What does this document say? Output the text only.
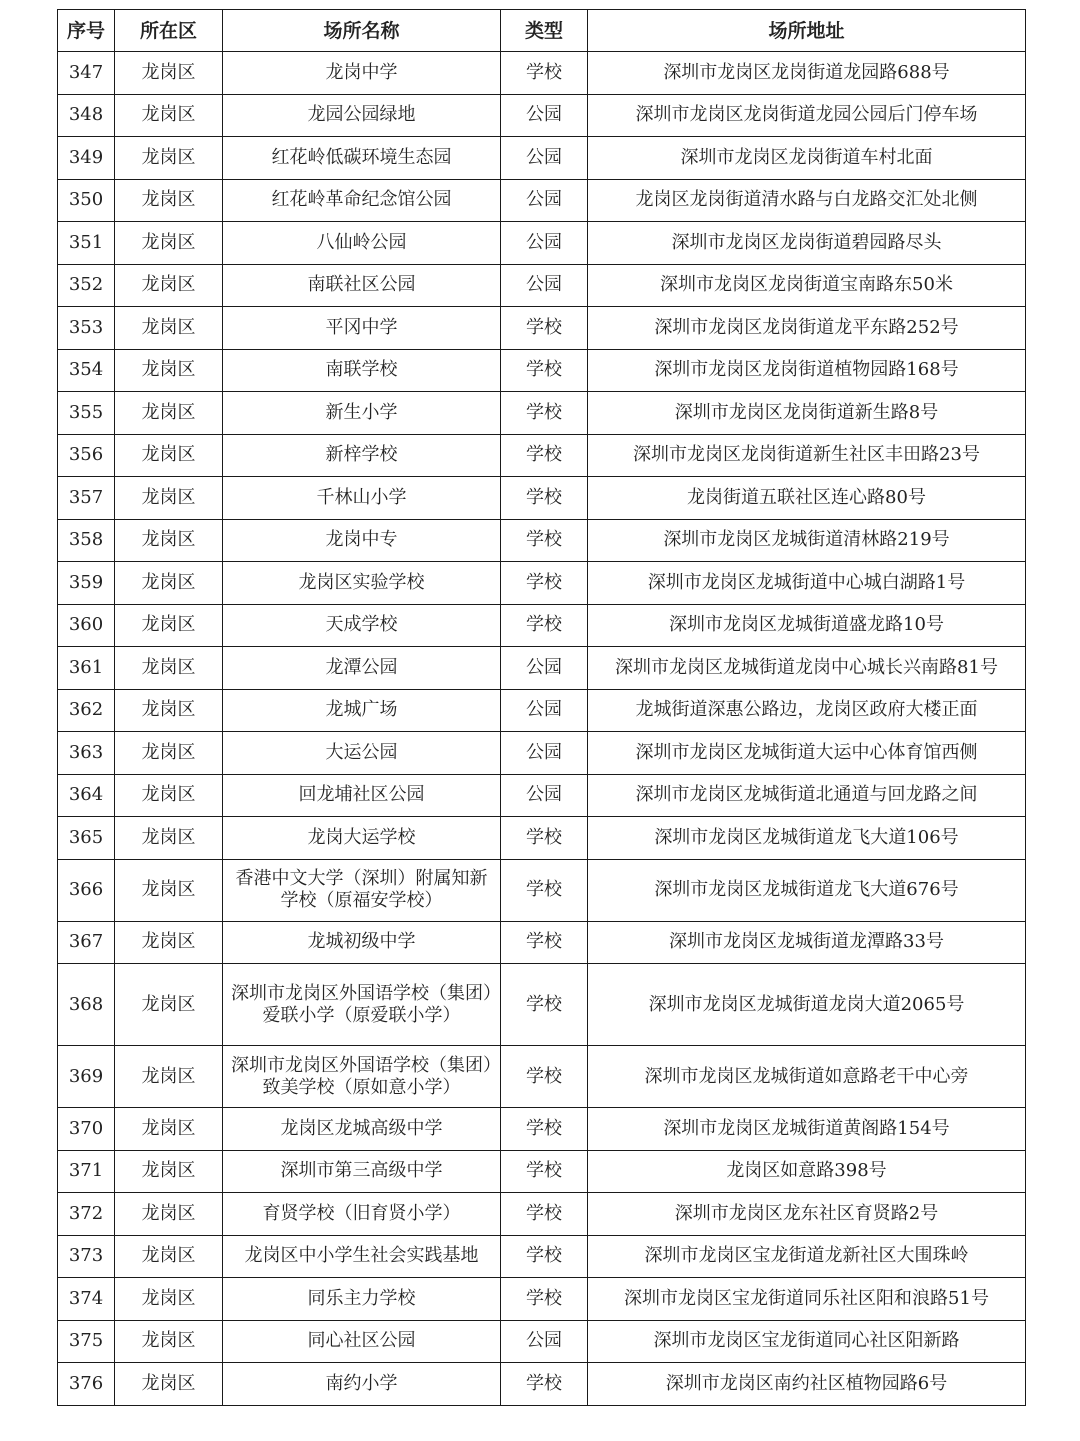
序号	所在区	场所名称	类型	场所地址
347	龙岗区	龙岗中学	学校	深圳市龙岗区龙岗街道龙园路688号
348	龙岗区	龙园公园绿地	公园	深圳市龙岗区龙岗街道龙园公园后门停车场
349	龙岗区	红花岭低碳环境生态园	公园	深圳市龙岗区龙岗街道车村北面
350	龙岗区	红花岭革命纪念馆公园	公园	龙岗区龙岗街道清水路与白龙路交汇处北侧
351	龙岗区	八仙岭公园	公园	深圳市龙岗区龙岗街道碧园路尽头
352	龙岗区	南联社区公园	公园	深圳市龙岗区龙岗街道宝南路东50米
353	龙岗区	平冈中学	学校	深圳市龙岗区龙岗街道龙平东路252号
354	龙岗区	南联学校	学校	深圳市龙岗区龙岗街道植物园路168号
355	龙岗区	新生小学	学校	深圳市龙岗区龙岗街道新生路8号
356	龙岗区	新梓学校	学校	深圳市龙岗区龙岗街道新生社区丰田路23号
357	龙岗区	千林山小学	学校	龙岗街道五联社区连心路80号
358	龙岗区	龙岗中专	学校	深圳市龙岗区龙城街道清林路219号
359	龙岗区	龙岗区实验学校	学校	深圳市龙岗区龙城街道中心城白湖路1号
360	龙岗区	天成学校	学校	深圳市龙岗区龙城街道盛龙路10号
361	龙岗区	龙潭公园	公园	深圳市龙岗区龙城街道龙岗中心城长兴南路81号
362	龙岗区	龙城广场	公园	龙城街道深惠公路边，龙岗区政府大楼正面
363	龙岗区	大运公园	公园	深圳市龙岗区龙城街道大运中心体育馆西侧
364	龙岗区	回龙埔社区公园	公园	深圳市龙岗区龙城街道北通道与回龙路之间
365	龙岗区	龙岗大运学校	学校	深圳市龙岗区龙城街道龙飞大道106号
366	龙岗区	香港中文大学（深圳）附属知新学校（原福安学校）	学校	深圳市龙岗区龙城街道龙飞大道676号
367	龙岗区	龙城初级中学	学校	深圳市龙岗区龙城街道龙潭路33号
368	龙岗区	深圳市龙岗区外国语学校（集团）爱联小学（原爱联小学）	学校	深圳市龙岗区龙城街道龙岗大道2065号
369	龙岗区	深圳市龙岗区外国语学校（集团）致美学校（原如意小学）	学校	深圳市龙岗区龙城街道如意路老干中心旁
370	龙岗区	龙岗区龙城高级中学	学校	深圳市龙岗区龙城街道黄阁路154号
371	龙岗区	深圳市第三高级中学	学校	龙岗区如意路398号
372	龙岗区	育贤学校（旧育贤小学）	学校	深圳市龙岗区龙东社区育贤路2号
373	龙岗区	龙岗区中小学生社会实践基地	学校	深圳市龙岗区宝龙街道龙新社区大围珠岭
374	龙岗区	同乐主力学校	学校	深圳市龙岗区宝龙街道同乐社区阳和浪路51号
375	龙岗区	同心社区公园	公园	深圳市龙岗区宝龙街道同心社区阳新路
376	龙岗区	南约小学	学校	深圳市龙岗区南约社区植物园路6号
